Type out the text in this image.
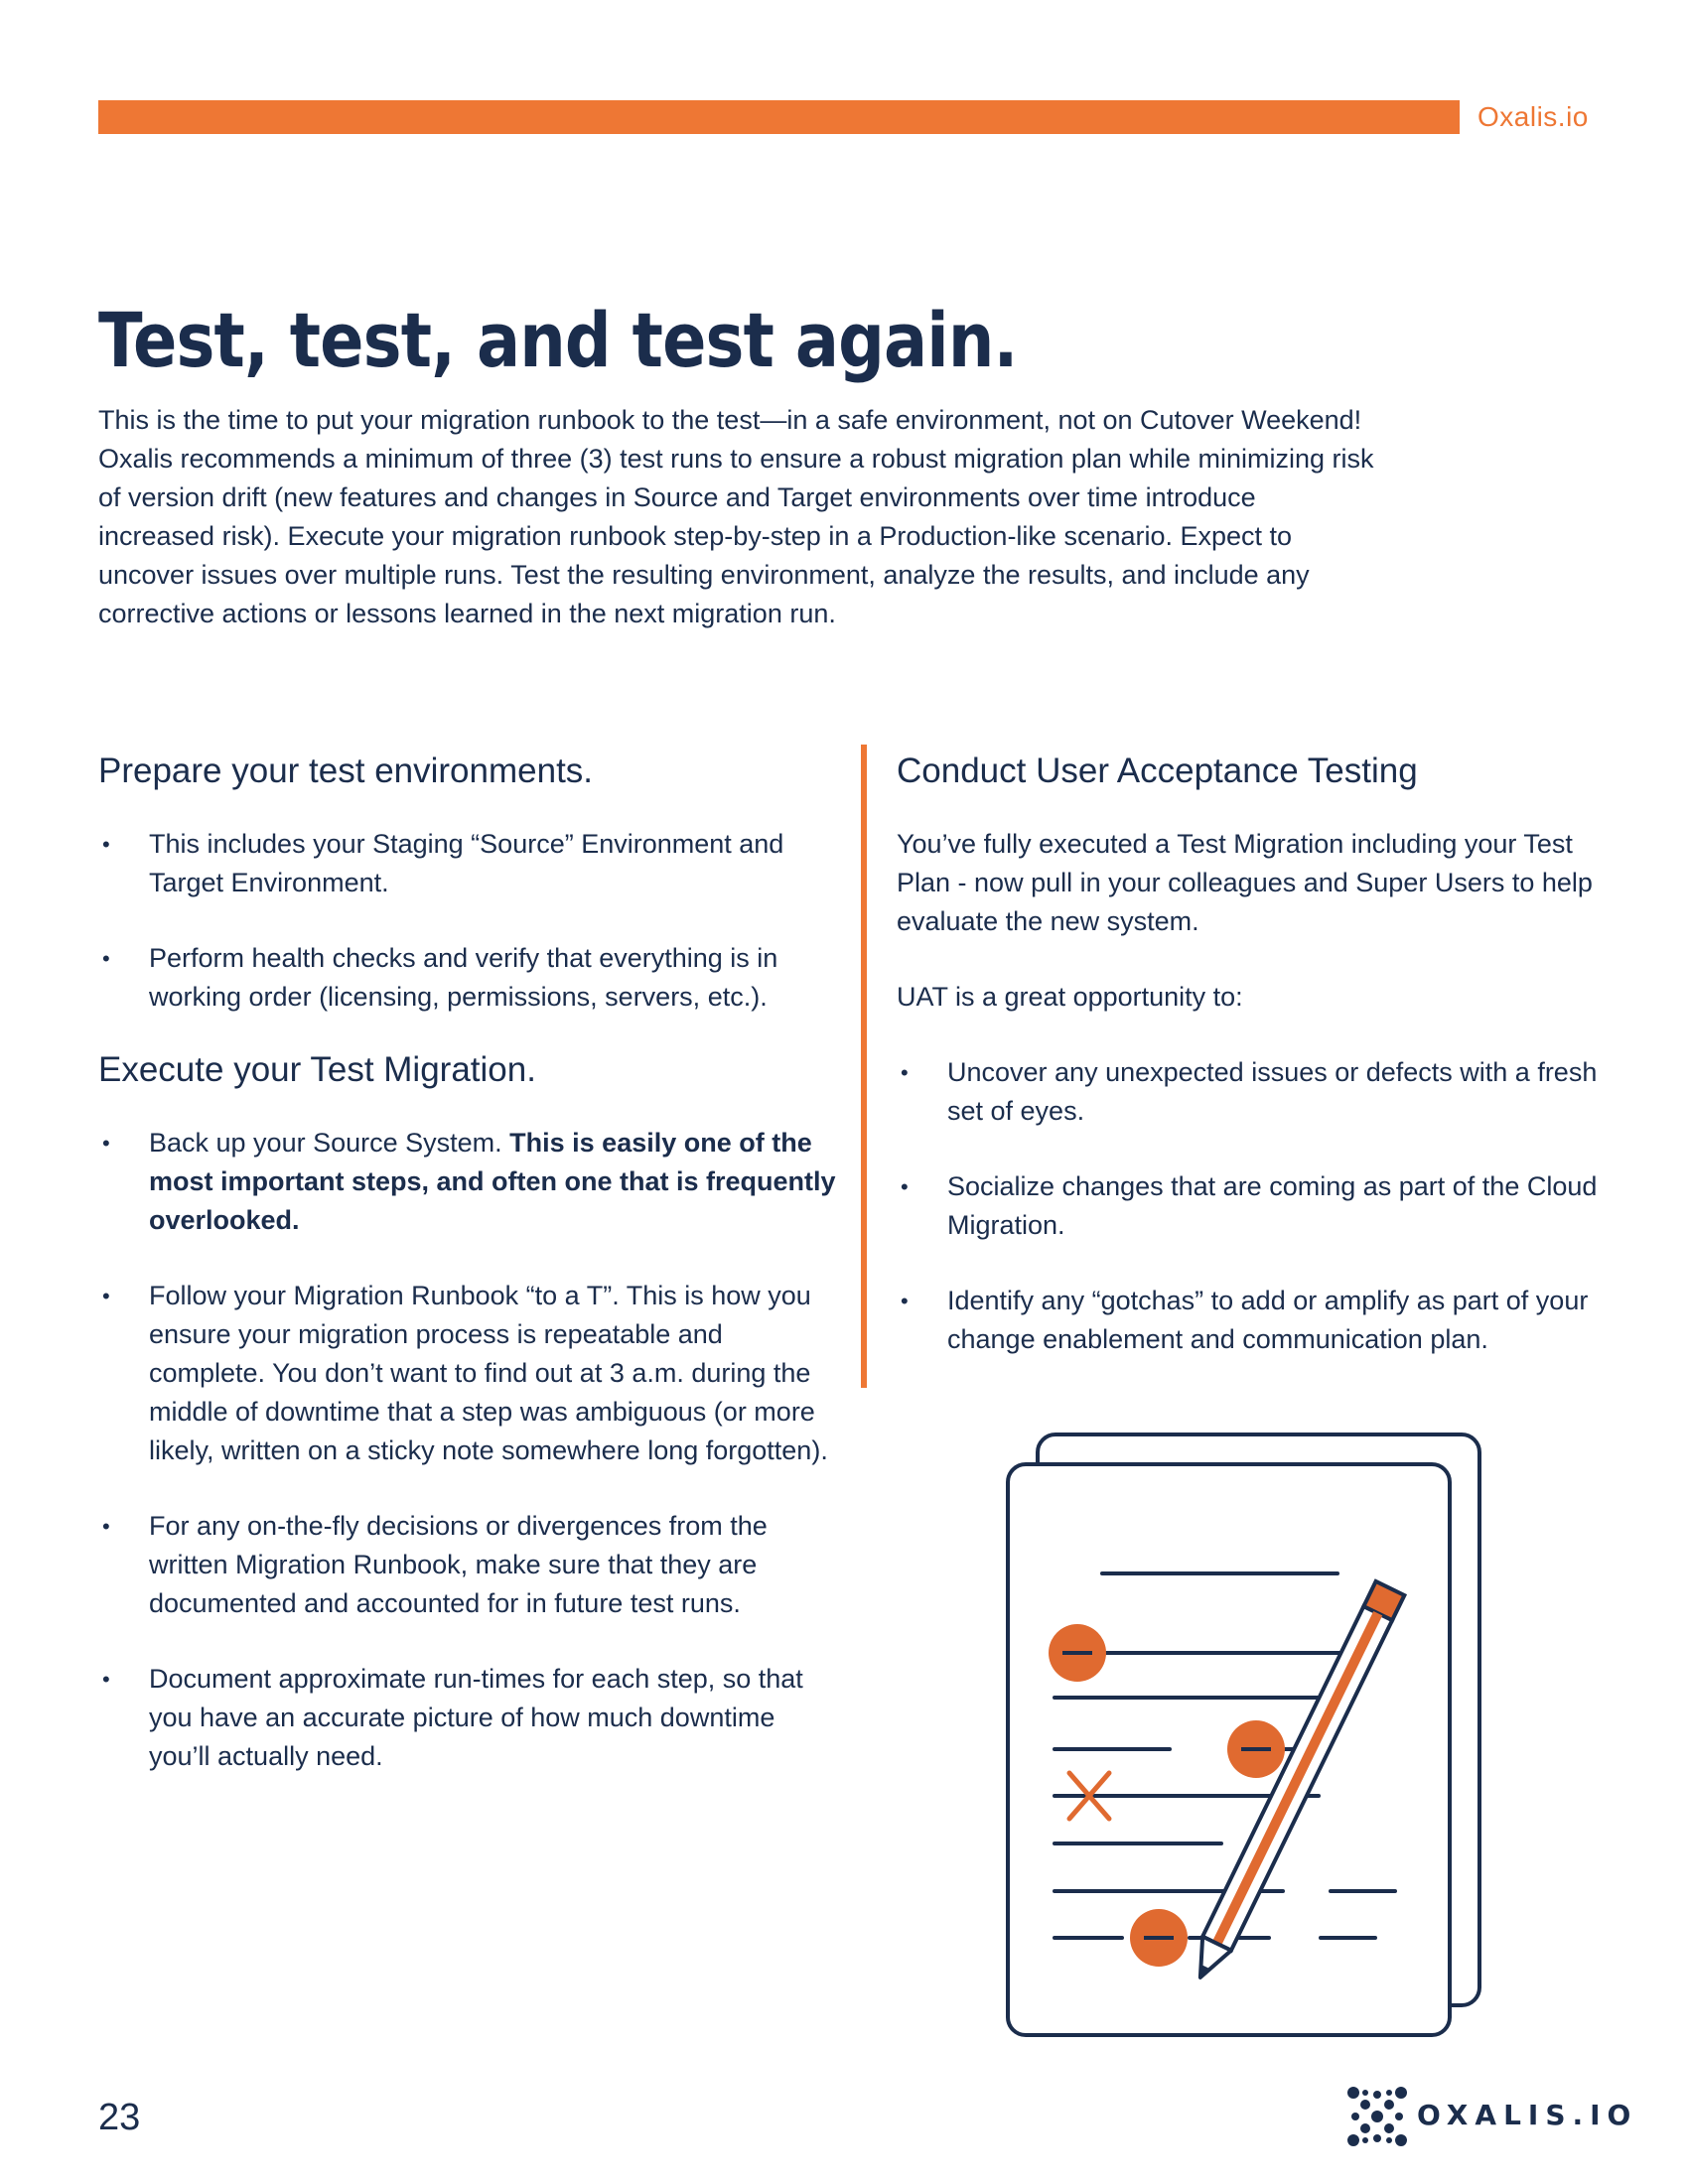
Oxalis.io
Test, test, and test again.

This is the time to put your migration runbook to the test—in a safe environment, not on Cutover Weekend! Oxalis recommends a minimum of three (3) test runs to ensure a robust migration plan while minimizing risk of version drift (new features and changes in Source and Target environments over time introduce increased risk). Execute your migration runbook step-by-step in a Production-like scenario. Expect to uncover issues over multiple runs. Test the resulting environment, analyze the results, and include any corrective actions or lessons learned in the next migration run.

Prepare your test environments.
• This includes your Staging “Source” Environment and Target Environment.
• Perform health checks and verify that everything is in working order (licensing, permissions, servers, etc.).
Execute your Test Migration.
• Back up your Source System. This is easily one of the most important steps, and often one that is frequently overlooked.
• Follow your Migration Runbook “to a T”. This is how you ensure your migration process is repeatable and complete. You don’t want to find out at 3 a.m. during the middle of downtime that a step was ambiguous (or more likely, written on a sticky note somewhere long forgotten).
• For any on-the-fly decisions or divergences from the written Migration Runbook, make sure that they are documented and accounted for in future test runs.
• Document approximate run-times for each step, so that you have an accurate picture of how much downtime you’ll actually need.
Conduct User Acceptance Testing

You’ve fully executed a Test Migration including your Test Plan - now pull in your colleagues and Super Users to help evaluate the new system.

UAT is a great opportunity to:

• Uncover any unexpected issues or defects with a fresh set of eyes.
• Socialize changes that are coming as part of the Cloud Migration.
• Identify any “gotchas” to add or amplify as part of your change enablement and communication plan.
23	OXALIS.IO
